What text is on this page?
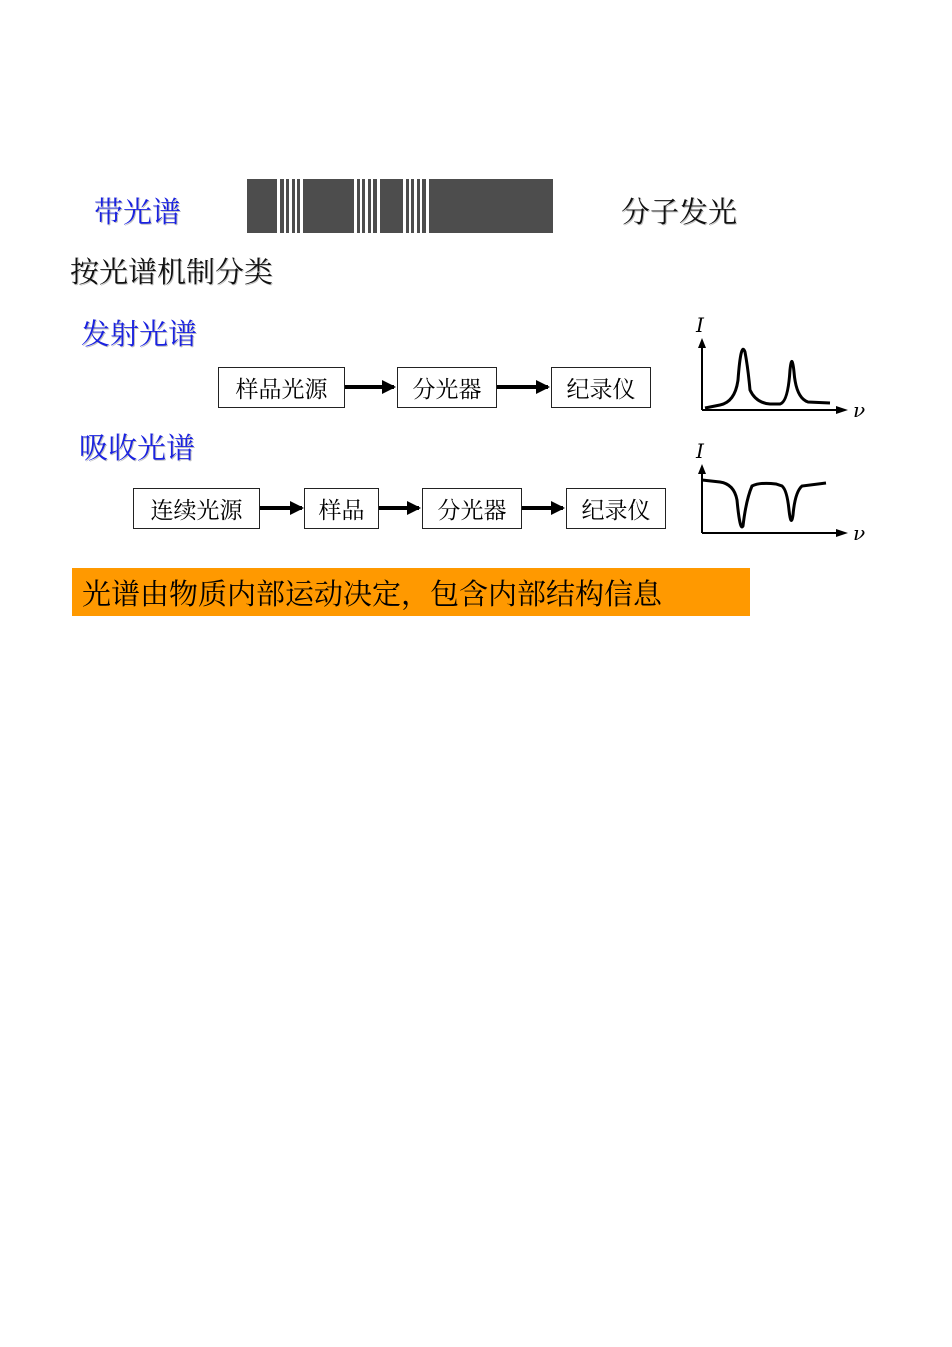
带光谱	分子发光
按光谱机制分类
发射光谱
样品光源	分光器	纪录仪
I
ν
吸收光谱
连续光源	样品	分光器	纪录仪
I
ν
光谱由物质内部运动决定，包含内部结构信息
